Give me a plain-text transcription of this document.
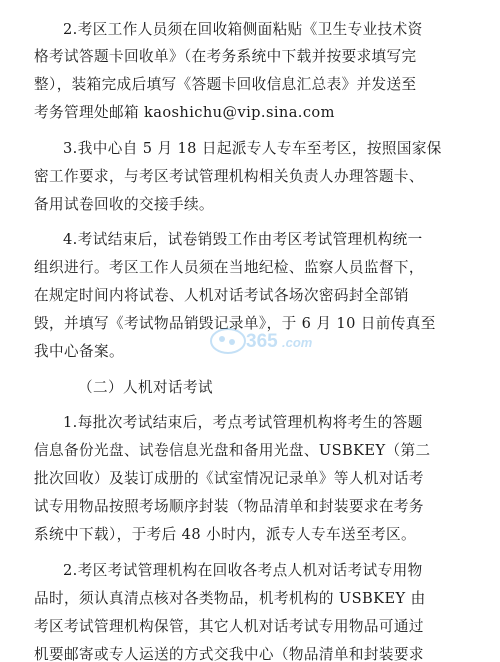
2.考区工作人员须在回收箱侧面粘贴《卫生专业技术资
格考试答题卡回收单》（在考务系统中下载并按要求填写完
整），装箱完成后填写《答题卡回收信息汇总表》并发送至
考务管理处邮箱 kaoshichu@vip.sina.com
3.我中心自 5 月 18 日起派专人专车至考区，按照国家保
密工作要求，与考区考试管理机构相关负责人办理答题卡、
备用试卷回收的交接手续。
4.考试结束后，试卷销毁工作由考区考试管理机构统一
组织进行。考区工作人员须在当地纪检、监察人员监督下，
在规定时间内将试卷、人机对话考试各场次密码封全部销
毁，并填写《考试物品销毁记录单》，于 6 月 10 日前传真至
我中心备案。
（二）人机对话考试
1.每批次考试结束后，考点考试管理机构将考生的答题
信息备份光盘、试卷信息光盘和备用光盘、USBKEY（第二
批次回收）及装订成册的《试室情况记录单》等人机对话考
试专用物品按照考场顺序封装（物品清单和封装要求在考务
系统中下载），于考后 48 小时内，派专人专车送至考区。
2.考区考试管理机构在回收各考点人机对话考试专用物
品时，须认真清点核对各类物品，机考机构的 USBKEY 由
考区考试管理机构保管，其它人机对话考试专用物品可通过
机要邮寄或专人运送的方式交我中心（物品清单和封装要求
365 .com
